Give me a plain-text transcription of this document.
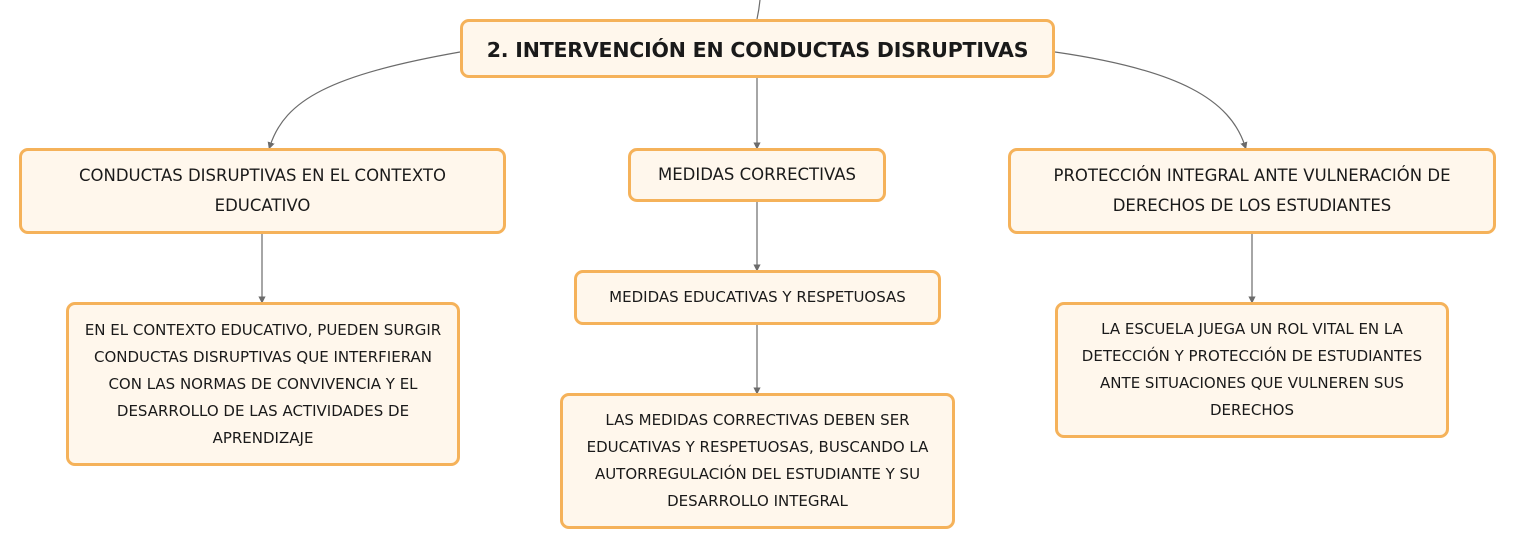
2. INTERVENCIÓN EN CONDUCTAS DISRUPTIVAS
CONDUCTAS DISRUPTIVAS EN EL CONTEXTO EDUCATIVO
MEDIDAS CORRECTIVAS	PROTECCIÓN INTEGRAL ANTE VULNERACIÓN DE DERECHOS DE LOS ESTUDIANTES
EN EL CONTEXTO EDUCATIVO, PUEDEN SURGIR CONDUCTAS DISRUPTIVAS QUE INTERFIERAN CON LAS NORMAS DE CONVIVENCIA Y EL DESARROLLO DE LAS ACTIVIDADES DE APRENDIZAJE
MEDIDAS EDUCATIVAS Y RESPETUOSAS
LAS MEDIDAS CORRECTIVAS DEBEN SER EDUCATIVAS Y RESPETUOSAS, BUSCANDO LA AUTORREGULACIÓN DEL ESTUDIANTE Y SU DESARROLLO INTEGRAL
LA ESCUELA JUEGA UN ROL VITAL EN LA DETECCIÓN Y PROTECCIÓN DE ESTUDIANTES ANTE SITUACIONES QUE VULNEREN SUS DERECHOS
